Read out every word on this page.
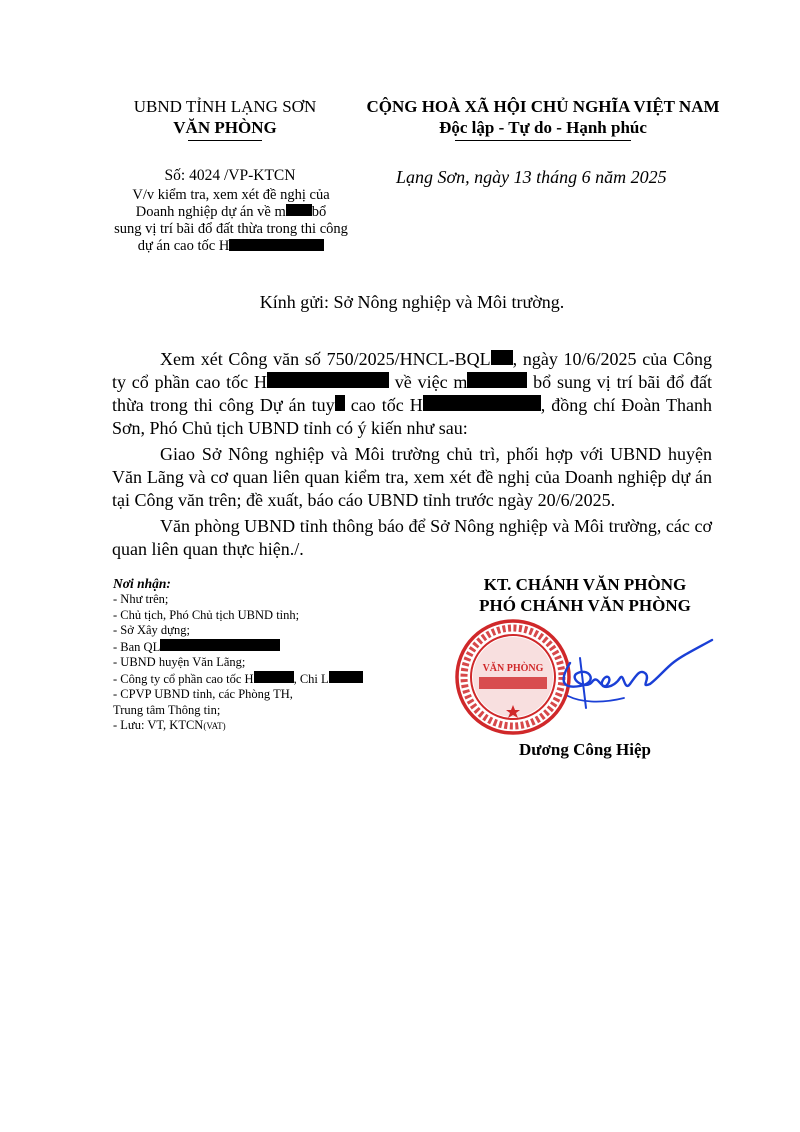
UBND TỈNH LẠNG SƠN
VĂN PHÒNG
CỘNG HOÀ XÃ HỘI CHỦ NGHĨA VIỆT NAM
Độc lập - Tự do - Hạnh phúc
Số: 4024 /VP-KTCN
V/v kiểm tra, xem xét đề nghị của
Doanh nghiệp dự án về m bổ
sung vị trí bãi đổ đất thừa trong thi công
dự án cao tốc H
Lạng Sơn, ngày 13 tháng 6 năm 2025
Kính gửi: Sở Nông nghiệp và Môi trường.

Xem xét Công văn số 750/2025/HNCL-BQL , ngày 10/6/2025 của Công ty cổ phần cao tốc H	về việc m	bổ sung vị trí bãi đổ đất thừa trong thi công Dự án tuy cao tốc H	, đồng chí Đoàn Thanh Sơn, Phó Chủ tịch UBND tỉnh có ý kiến như sau:

Giao Sở Nông nghiệp và Môi trường chủ trì, phối hợp với UBND huyện Văn Lãng và cơ quan liên quan kiểm tra, xem xét đề nghị của Doanh nghiệp dự án tại Công văn trên; đề xuất, báo cáo UBND tỉnh trước ngày 20/6/2025.

Văn phòng UBND tỉnh thông báo để Sở Nông nghiệp và Môi trường, các cơ quan liên quan thực hiện./.

Nơi nhận:
- Như trên;
- Chủ tịch, Phó Chủ tịch UBND tỉnh;
- Sở Xây dựng;
- Ban QL
- UBND huyện Văn Lãng;
- Công ty cổ phần cao tốc H	, Chi L
- CPVP UBND tỉnh, các Phòng TH,
Trung tâm Thông tin;
- Lưu: VT, KTCN(VAT)
KT. CHÁNH VĂN PHÒNG
PHÓ CHÁNH VĂN PHÒNG
VĂN PHÒNG
Dương Công Hiệp
